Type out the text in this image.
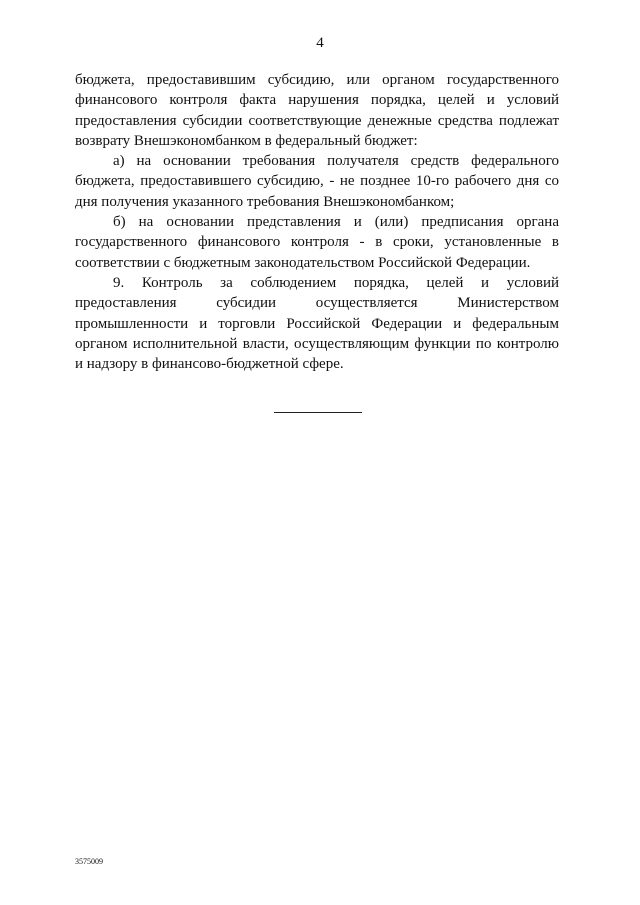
4

бюджета, предоставившим субсидию, или органом государственного финансового контроля факта нарушения порядка, целей и условий предоставления субсидии соответствующие денежные средства подлежат возврату Внешэкономбанком в федеральный бюджет:

а) на основании требования получателя средств федерального бюджета, предоставившего субсидию, - не позднее 10-го рабочего дня со дня получения указанного требования Внешэкономбанком;

б) на основании представления и (или) предписания органа государственного финансового контроля - в сроки, установленные в соответствии с бюджетным законодательством Российской Федерации.

9. Контроль за соблюдением порядка, целей и условий предоставления субсидии осуществляется Министерством промышленности и торговли Российской Федерации и федеральным органом исполнительной власти, осуществляющим функции по контролю и надзору в финансово-бюджетной сфере.

3575009
